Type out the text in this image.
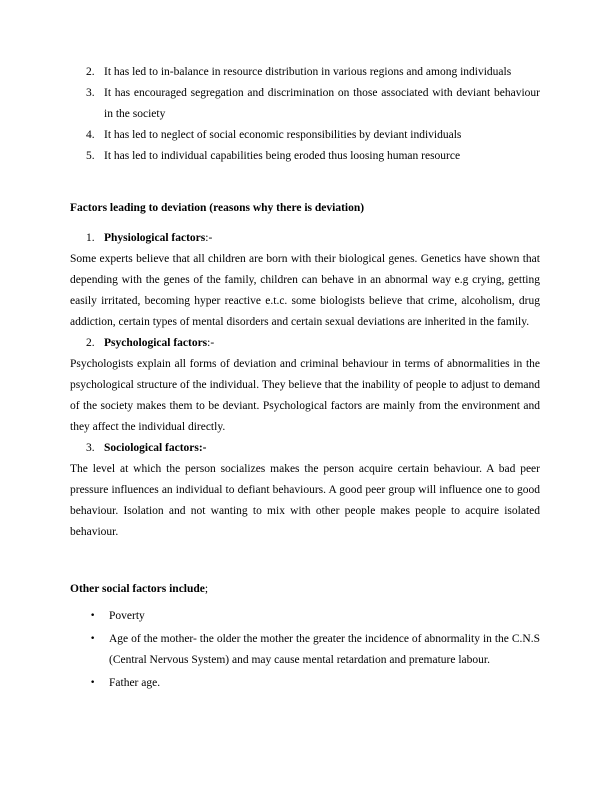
2. It has led to in-balance in resource distribution in various regions and among individuals
3. It has encouraged segregation and discrimination on those associated with deviant behaviour in the society
4. It has led to neglect of social economic responsibilities by deviant individuals
5. It has led to individual capabilities being eroded thus loosing human resource
Factors leading to deviation (reasons why there is deviation)
1. Physiological factors:-

Some experts believe that all children are born with their biological genes. Genetics have shown that depending with the genes of the family, children can behave in an abnormal way e.g crying, getting easily irritated, becoming hyper reactive e.t.c. some biologists believe that crime, alcoholism, drug addiction, certain types of mental disorders and certain sexual deviations are inherited in the family.

2. Psychological factors:-

Psychologists explain all forms of deviation and criminal behaviour in terms of abnormalities in the psychological structure of the individual. They believe that the inability of people to adjust to demand of the society makes them to be deviant. Psychological factors are mainly from the environment and they affect the individual directly.

3. Sociological factors:-

The level at which the person socializes makes the person acquire certain behaviour. A bad peer pressure influences an individual to defiant behaviours. A good peer group will influence one to good behaviour. Isolation and not wanting to mix with other people makes people to acquire isolated behaviour.

Other social factors include;
•	Poverty
•	Age of the mother- the older the mother the greater the incidence of abnormality in the C.N.S (Central Nervous System) and may cause mental retardation and premature labour.
•	Father age.
